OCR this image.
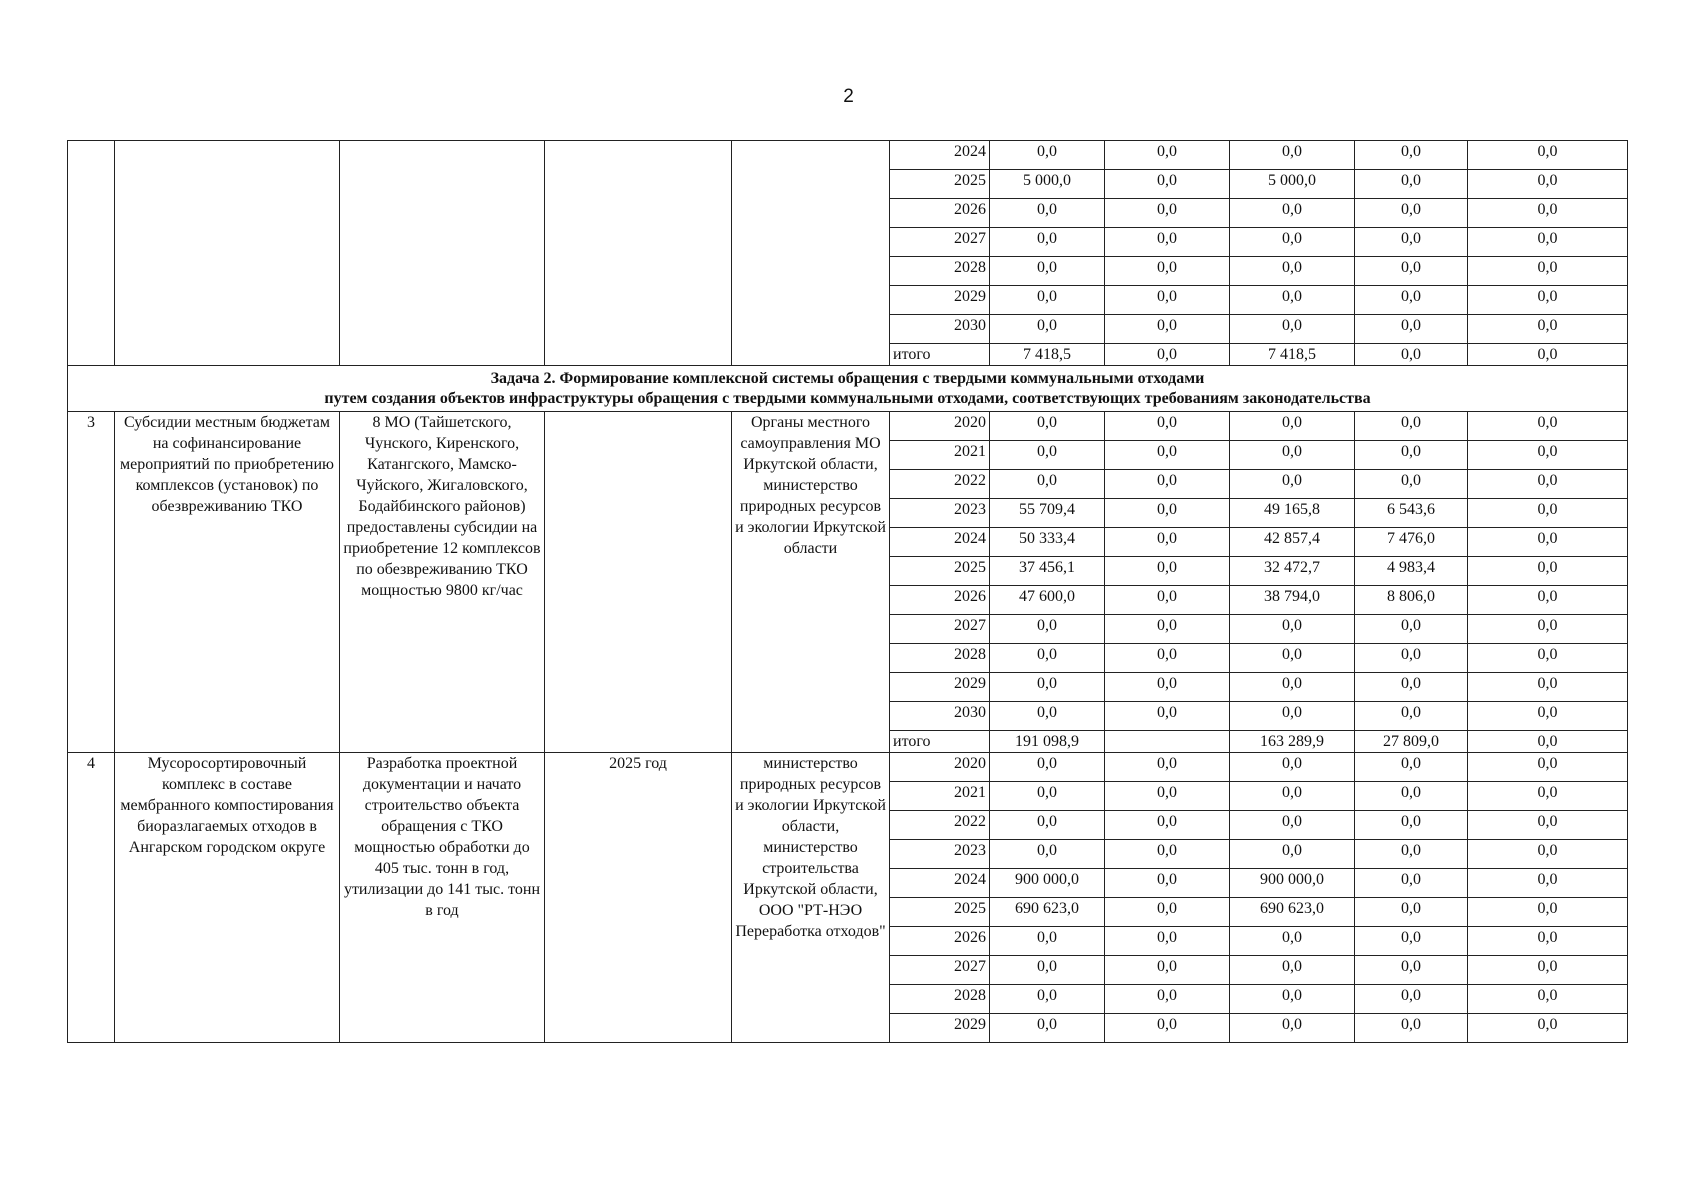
2
					2024	0,0	0,0	0,0	0,0	0,0
					2025	5 000,0	0,0	5 000,0	0,0	0,0
					2026	0,0	0,0	0,0	0,0	0,0
					2027	0,0	0,0	0,0	0,0	0,0
					2028	0,0	0,0	0,0	0,0	0,0
					2029	0,0	0,0	0,0	0,0	0,0
					2030	0,0	0,0	0,0	0,0	0,0
					итого	7 418,5	0,0	7 418,5	0,0	0,0

Задача 2. Формирование комплексной системы обращения с твердыми коммунальными отходами
путем создания объектов инфраструктуры обращения с твердыми коммунальными отходами, соответствующих требованиям законодательства										

3	Субсидии местным бюджетам на софинансирование мероприятий по приобретению комплексов (установок) по обезвреживанию ТКО	8 МО (Тайшетского, Чунского, Киренского, Катангского, Мамско-Чуйского, Жигаловского, Бодайбинского районов) предоставлены субсидии на приобретение 12 комплексов по обезвреживанию ТКО мощностью 9800 кг/час		Органы местного самоуправления МО Иркутской области, министерство природных ресурсов и экологии Иркутской области	2020	0,0	0,0	0,0	0,0	0,0
					2021	0,0	0,0	0,0	0,0	0,0
					2022	0,0	0,0	0,0	0,0	0,0
					2023	55 709,4	0,0	49 165,8	6 543,6	0,0
					2024	50 333,4	0,0	42 857,4	7 476,0	0,0
					2025	37 456,1	0,0	32 472,7	4 983,4	0,0
					2026	47 600,0	0,0	38 794,0	8 806,0	0,0
					2027	0,0	0,0	0,0	0,0	0,0
					2028	0,0	0,0	0,0	0,0	0,0
					2029	0,0	0,0	0,0	0,0	0,0
					2030	0,0	0,0	0,0	0,0	0,0
					итого	191 098,9		163 289,9	27 809,0	0,0
4	Мусоросортировочный комплекс в составе мембранного компостирования биоразлагаемых отходов в Ангарском городском округе	Разработка проектной документации и начато строительство объекта обращения с ТКО мощностью обработки до 405 тыс. тонн в год, утилизации до 141 тыс. тонн в год	2025 год	министерство природных ресурсов и экологии Иркутской области, министерство строительства Иркутской области, ООО "РТ-НЭО Переработка отходов"	2020	0,0	0,0	0,0	0,0	0,0
					2021	0,0	0,0	0,0	0,0	0,0
					2022	0,0	0,0	0,0	0,0	0,0
					2023	0,0	0,0	0,0	0,0	0,0
					2024	900 000,0	0,0	900 000,0	0,0	0,0
					2025	690 623,0	0,0	690 623,0	0,0	0,0
					2026	0,0	0,0	0,0	0,0	0,0
					2027	0,0	0,0	0,0	0,0	0,0
					2028	0,0	0,0	0,0	0,0	0,0
					2029	0,0	0,0	0,0	0,0	0,0
